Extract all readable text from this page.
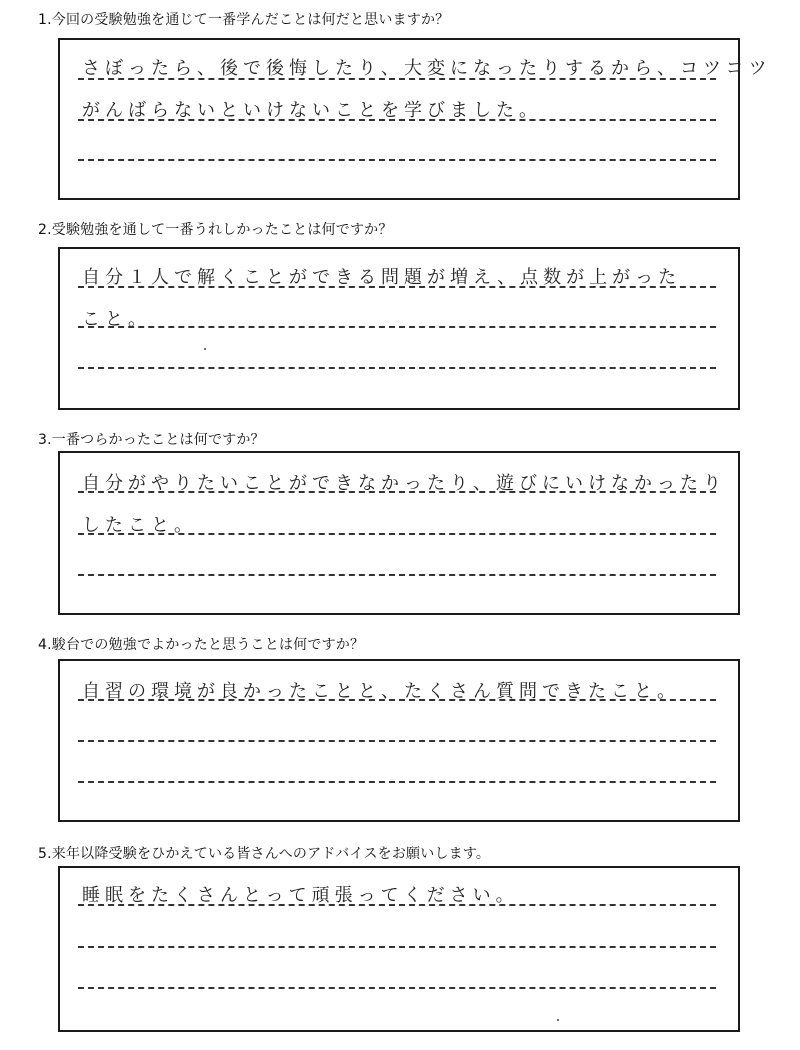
1.今回の受験勉強を通じて一番学んだことは何だと思いますか？
さぼったら、後で後悔したり、大変になったりするから、コツコツ
がんばらないといけないことを学びました。
2.受験勉強を通して一番うれしかったことは何ですか？
自分１人で解くことができる問題が増え、点数が上がった
こと。
3.一番つらかったことは何ですか？
自分がやりたいことができなかったり、遊びにいけなかったり
したこと。
4.駿台での勉強でよかったと思うことは何ですか？
自習の環境が良かったことと、たくさん質問できたこと。
5.来年以降受験をひかえている皆さんへのアドバイスをお願いします。
睡眠をたくさんとって頑張ってください。
